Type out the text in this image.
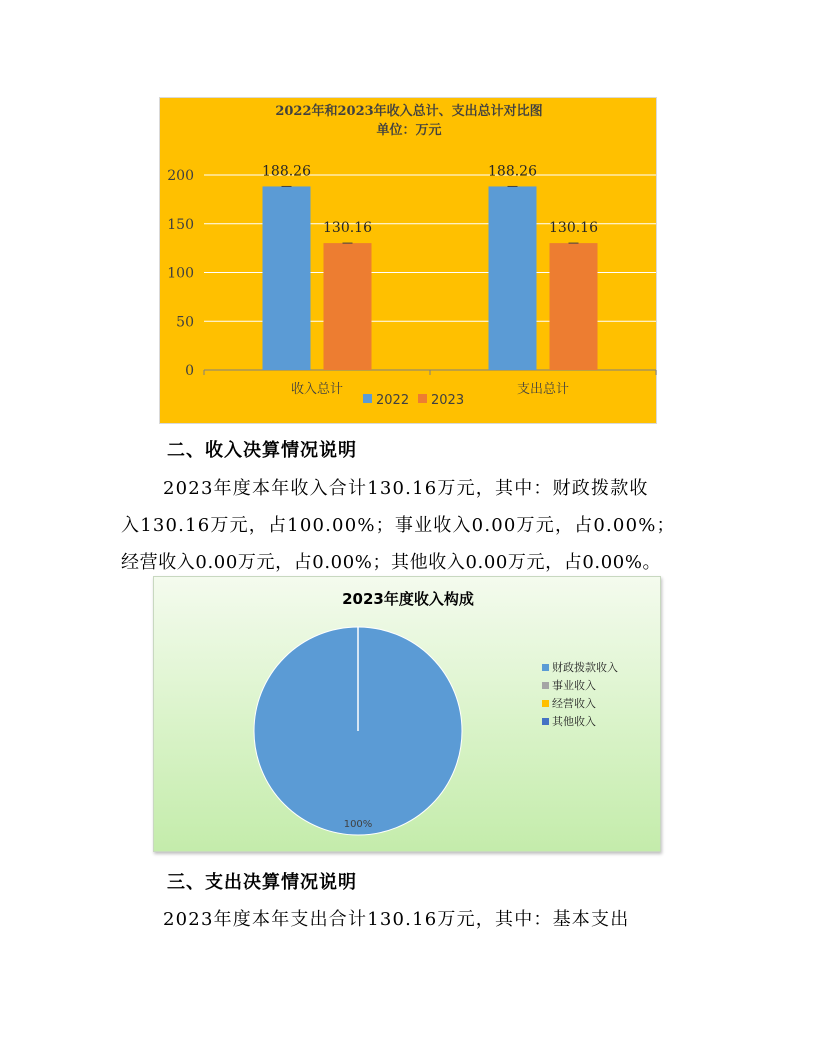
2022年和2023年收入总计、支出总计对比图
单位：万元
0
50
100
150
200	188.26
130.16
收入总计
188.26
130.16
支出总计
2022 2023
二、收入决算情况说明
2023年度本年收入合计130.16万元，其中：财政拨款收
入130.16万元，占100.00%；事业收入0.00万元，占0.00%；
经营收入0.00万元，占0.00%；其他收入0.00万元，占0.00%。
2023年度收入构成
100%
财政拨款收入
事业收入
经营收入
其他收入
三、支出决算情况说明
2023年度本年支出合计130.16万元，其中：基本支出
